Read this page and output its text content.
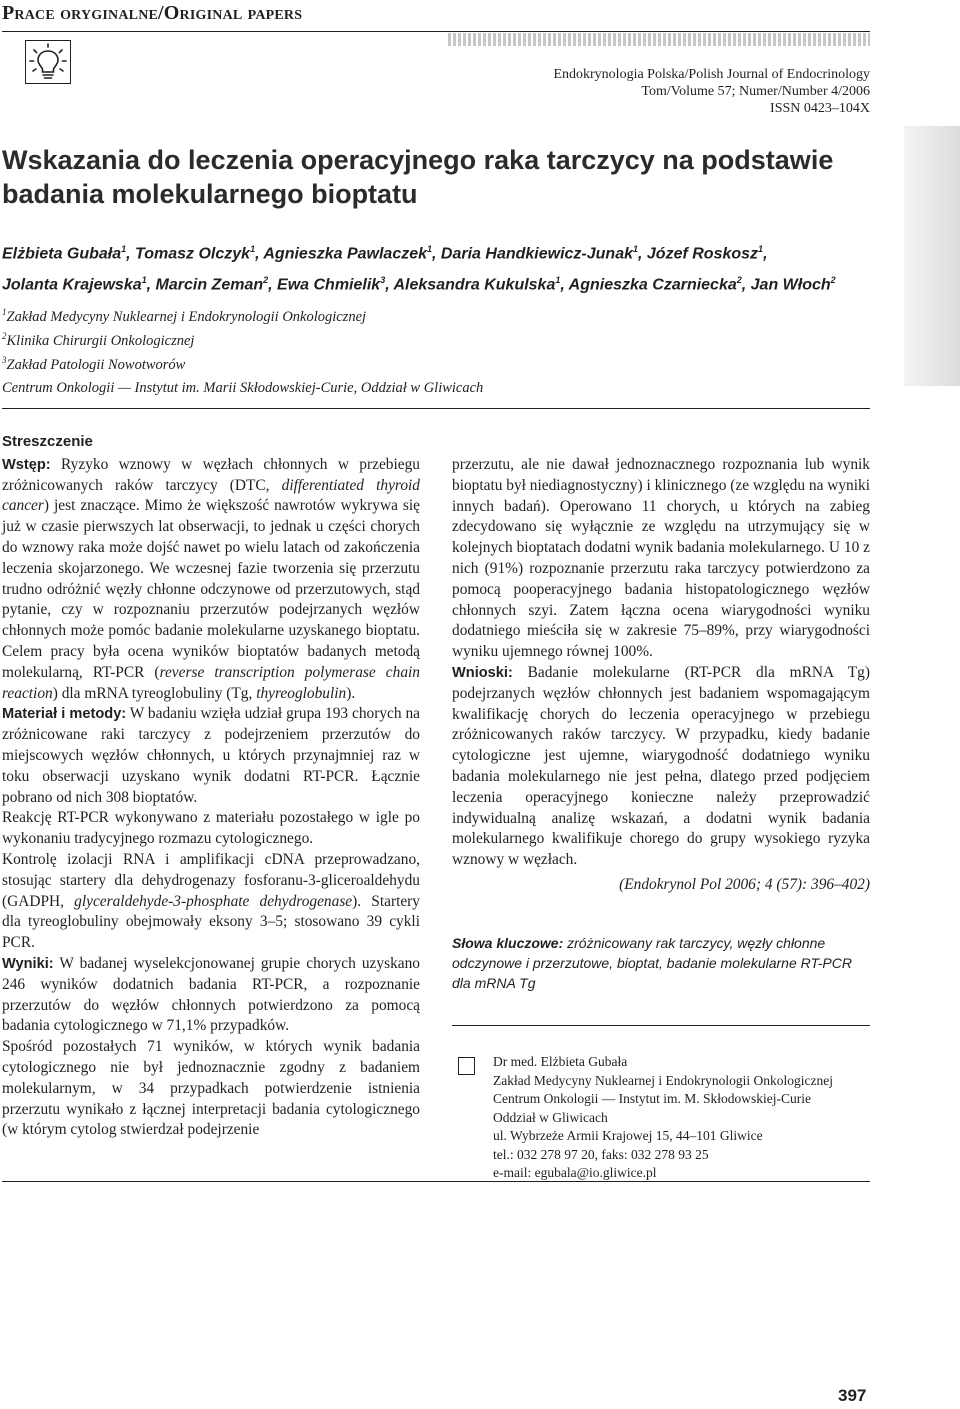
Prace oryginalne/Original papers
Endokrynologia Polska/Polish Journal of Endocrinology
Tom/Volume 57; Numer/Number 4/2006
ISSN 0423–104X
Wskazania do leczenia operacyjnego raka tarczycy na podstawie badania molekularnego bioptatu
Elżbieta Gubała$^1$, Tomasz Olczyk$^1$, Agnieszka Pawlaczek$^1$, Daria Handkiewicz-Junak$^1$, Józef Roskosz$^1$,
Jolanta Krajewska$^1$, Marcin Zeman$^2$, Ewa Chmielik$^3$, Aleksandra Kukulska$^1$, Agnieszka Czarniecka$^2$, Jan Włoch$^2$
$^1$Zakład Medycyny Nuklearnej i Endokrynologii Onkologicznej
$^2$Klinika Chirurgii Onkologicznej
$^3$Zakład Patologii Nowotworów
Centrum Onkologii — Instytut im. Marii Skłodowskiej-Curie, Oddział w Gliwicach
Streszczenie

Wstęp: Ryzyko wznowy w węzłach chłonnych w przebiegu zróżnicowanych raków tarczycy (DTC, differentiated thyroid cancer) jest znaczące. Mimo że większość nawrotów wykrywa się już w czasie pierwszych lat obserwacji, to jednak u części chorych do wznowy raka może dojść nawet po wielu latach od zakończenia leczenia skojarzonego. We wczesnej fazie tworzenia się przerzutu trudno odróżnić węzły chłonne odczynowe od przerzutowych, stąd pytanie, czy w rozpoznaniu przerzutów podejrzanych węzłów chłonnych może pomóc badanie molekularne uzyskanego bioptatu. Celem pracy była ocena wyników bioptatów badanych metodą molekularną, RT-PCR (reverse transcription polymerase chain reaction) dla mRNA tyreoglobuliny (Tg, thyreoglobulin).

Materiał i metody: W badaniu wzięła udział grupa 193 chorych na zróżnicowane raki tarczycy z podejrzeniem przerzutów do miejscowych węzłów chłonnych, u których przynajmniej raz w toku obserwacji uzyskano wynik dodatni RT-PCR. Łącznie pobrano od nich 308 bioptatów.

Reakcję RT-PCR wykonywano z materiału pozostałego w igle po wykonaniu tradycyjnego rozmazu cytologicznego.

Kontrolę izolacji RNA i amplifikacji cDNA przeprowadzano, stosując startery dla dehydrogenazy fosforanu-3-gliceroaldehydu (GADPH, glyceraldehyde-3-phosphate dehydrogenase). Startery dla tyreoglobuliny obejmowały eksony 3–5; stosowano 39 cykli PCR.

Wyniki: W badanej wyselekcjonowanej grupie chorych uzyskano 246 wyników dodatnich badania RT-PCR, a rozpoznanie przerzutów do węzłów chłonnych potwierdzono za pomocą badania cytologicznego w 71,1% przypadków.

Spośród pozostałych 71 wyników, w których wynik badania cytologicznego nie był jednoznacznie zgodny z badaniem molekularnym, w 34 przypadkach potwierdzenie istnienia przerzutu wynikało z łącznej interpretacji badania cytologicznego (w którym cytolog stwierdzał podejrzenie

przerzutu, ale nie dawał jednoznacznego rozpoznania lub wynik bioptatu był niediagnostyczny) i klinicznego (ze względu na wyniki innych badań). Operowano 11 chorych, u których na zabieg zdecydowano się wyłącznie ze względu na utrzymujący się w kolejnych bioptatach dodatni wynik badania molekularnego. U 10 z nich (91%) rozpoznanie przerzutu raka tarczycy potwierdzono za pomocą pooperacyjnego badania histopatologicznego węzłów chłonnych szyi. Zatem łączna ocena wiarygodności wyniku dodatniego mieściła się w zakresie 75–89%, przy wiarygodności wyniku ujemnego równej 100%.

Wnioski: Badanie molekularne (RT-PCR dla mRNA Tg) podejrzanych węzłów chłonnych jest badaniem wspomagającym kwalifikację chorych do leczenia operacyjnego w przebiegu zróżnicowanych raków tarczycy. W przypadku, kiedy badanie cytologiczne jest ujemne, wiarygodność dodatniego wyniku badania molekularnego nie jest pełna, dlatego przed podjęciem leczenia operacyjnego konieczne należy przeprowadzić indywidualną analizę wskazań, a dodatni wynik badania molekularnego kwalifikuje chorego do grupy wysokiego ryzyka wznowy w węzłach.

(Endokrynol Pol 2006; 4 (57): 396–402)

Słowa kluczowe: zróżnicowany rak tarczycy, węzły chłonne odczynowe i przerzutowe, bioptat, badanie molekularne RT-PCR dla mRNA Tg
Dr med. Elżbieta Gubała
Zakład Medycyny Nuklearnej i Endokrynologii Onkologicznej
Centrum Onkologii — Instytut im. M. Skłodowskiej-Curie
Oddział w Gliwicach
ul. Wybrzeże Armii Krajowej 15, 44–101 Gliwice
tel.: 032 278 97 20, faks: 032 278 93 25
e-mail: egubala@io.gliwice.pl
397
